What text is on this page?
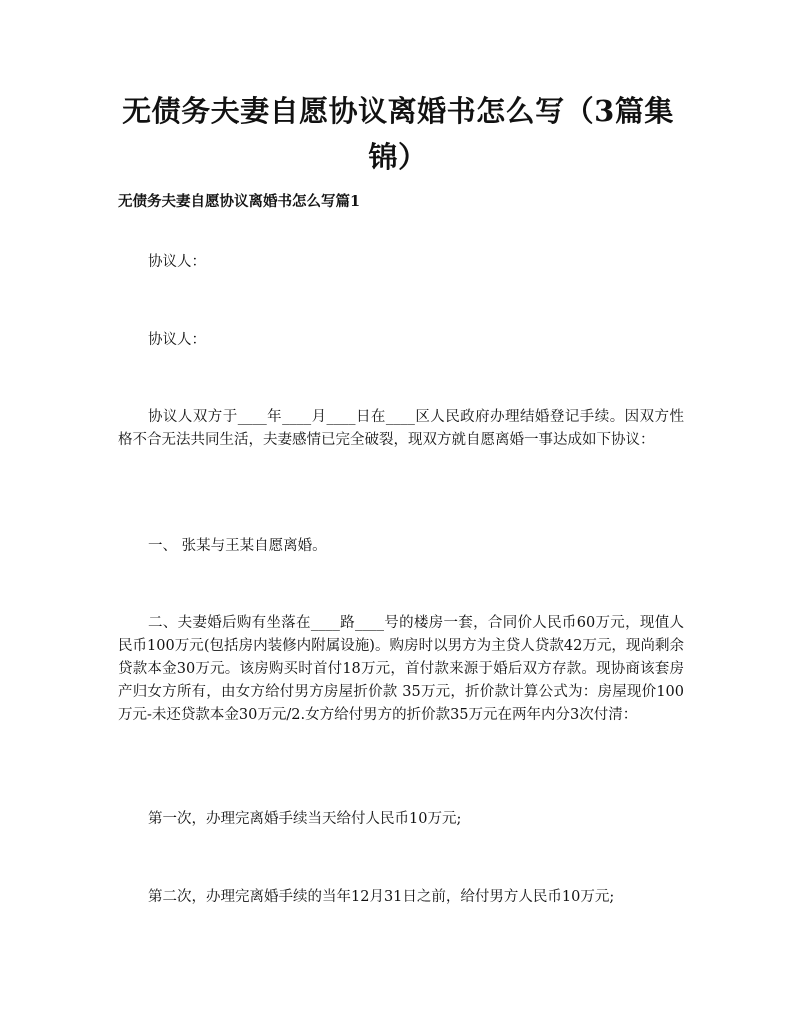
无债务夫妻自愿协议离婚书怎么写（3篇集锦）
无债务夫妻自愿协议离婚书怎么写篇1
协议人：
协议人：
协议人双方于____年____月____日在____区人民政府办理结婚登记手续。因双方性格不合无法共同生活，夫妻感情已完全破裂，现双方就自愿离婚一事达成如下协议：
一、 张某与王某自愿离婚。
二、夫妻婚后购有坐落在____路____号的楼房一套，合同价人民币60万元，现值人民币100万元(包括房内装修内附属设施)。购房时以男方为主贷人贷款42万元，现尚剩余贷款本金30万元。该房购买时首付18万元，首付款来源于婚后双方存款。现协商该套房产归女方所有，由女方给付男方房屋折价款 35万元，折价款计算公式为：房屋现价100万元-未还贷款本金30万元/2.女方给付男方的折价款35万元在两年内分3次付清：
第一次，办理完离婚手续当天给付人民币10万元;
第二次，办理完离婚手续的当年12月31日之前，给付男方人民币10万元;
